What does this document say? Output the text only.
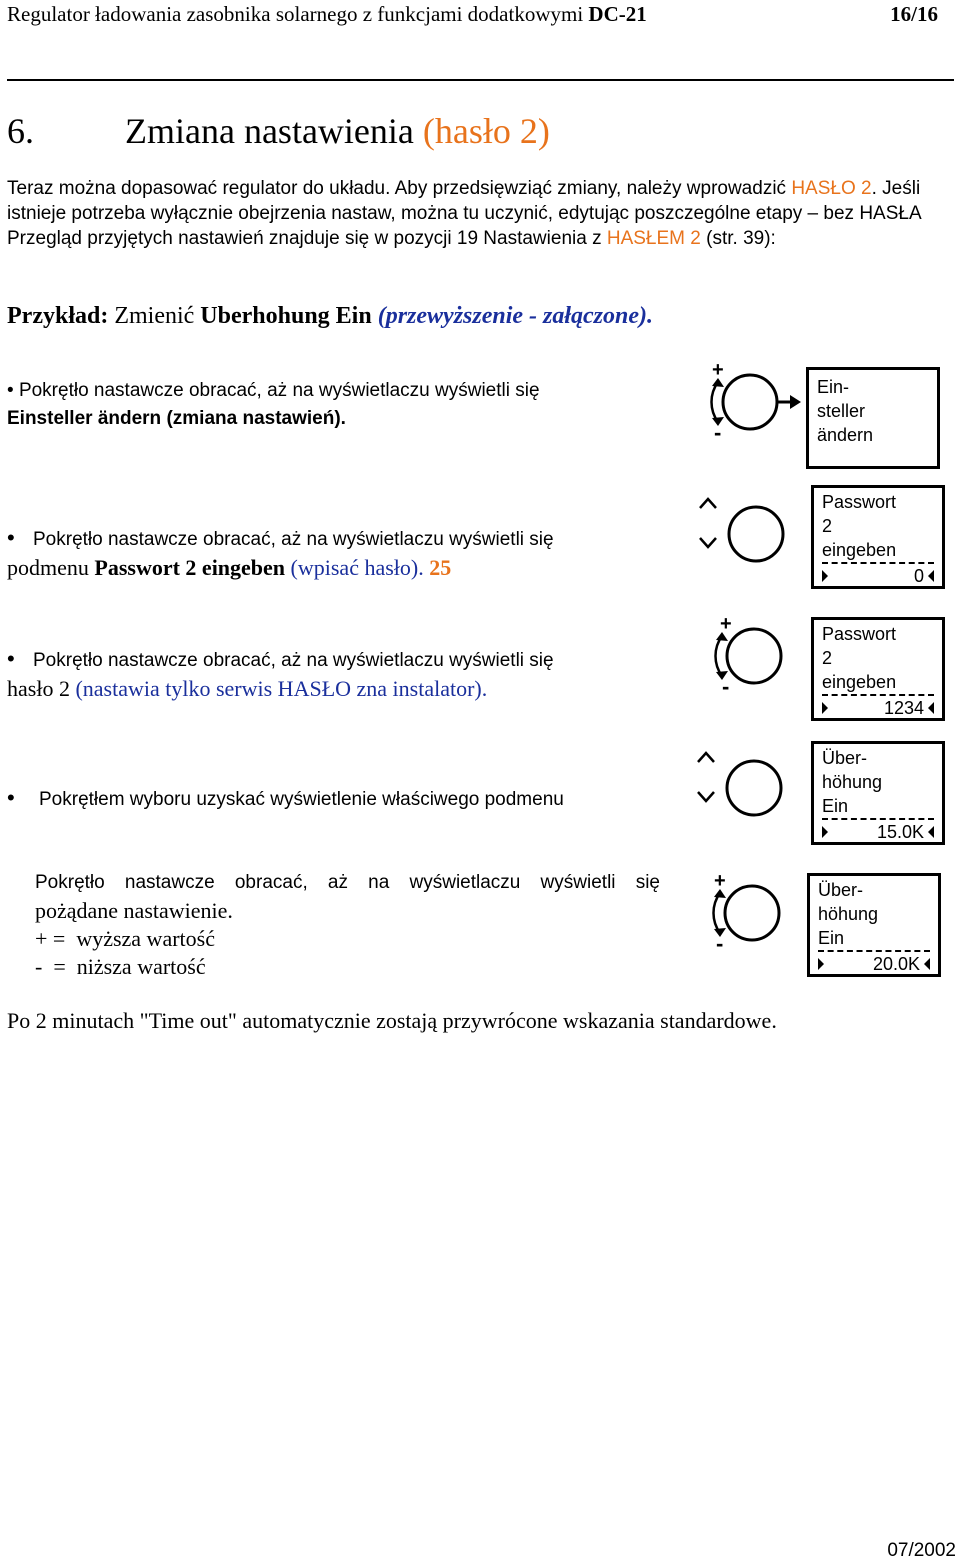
Regulator ładowania zasobnika solarnego z funkcjami dodatkowymi DC-21	16/16
6.	Zmiana nastawienia (hasło 2)
Teraz można dopasować regulator do układu. Aby przedsięwziąć zmiany, należy wprowadzić HASŁO 2. Jeśli istnieje potrzeba wyłącznie obejrzenia nastaw, można tu uczynić, edytując poszczególne etapy – bez HASŁA
Przegląd przyjętych nastawień znajduje się w pozycji 19 Nastawienia z HASŁEM 2 (str. 39):
Przykład: Zmienić Uberhohung Ein (przewyższenie - załączone).
• Pokrętło nastawcze obracać, aż na wyświetlaczu wyświetli się
Einsteller ändern (zmiana nastawień).
+
-
Ein-
steller
ändern
• Pokrętło nastawcze obracać, aż na wyświetlaczu wyświetli się
podmenu Passwort 2 eingeben (wpisać hasło). 25
Passwort
2
eingeben
0
• Pokrętło nastawcze obracać, aż na wyświetlaczu wyświetli się
hasło 2 (nastawia tylko serwis HASŁO zna instalator).
+
-
Passwort
2
eingeben
1234
• Pokrętłem wyboru uzyskać wyświetlenie właściwego podmenu
Über-
höhung
Ein
15.0K
Pokrętło nastawcze obracać, aż na wyświetlaczu wyświetli się
pożądane nastawienie.
+ =  wyższa wartość
-  =  niższa wartość
+
-
Über-
höhung
Ein
20.0K
Po 2 minutach "Time out" automatycznie zostają przywrócone wskazania standardowe.
07/2002
